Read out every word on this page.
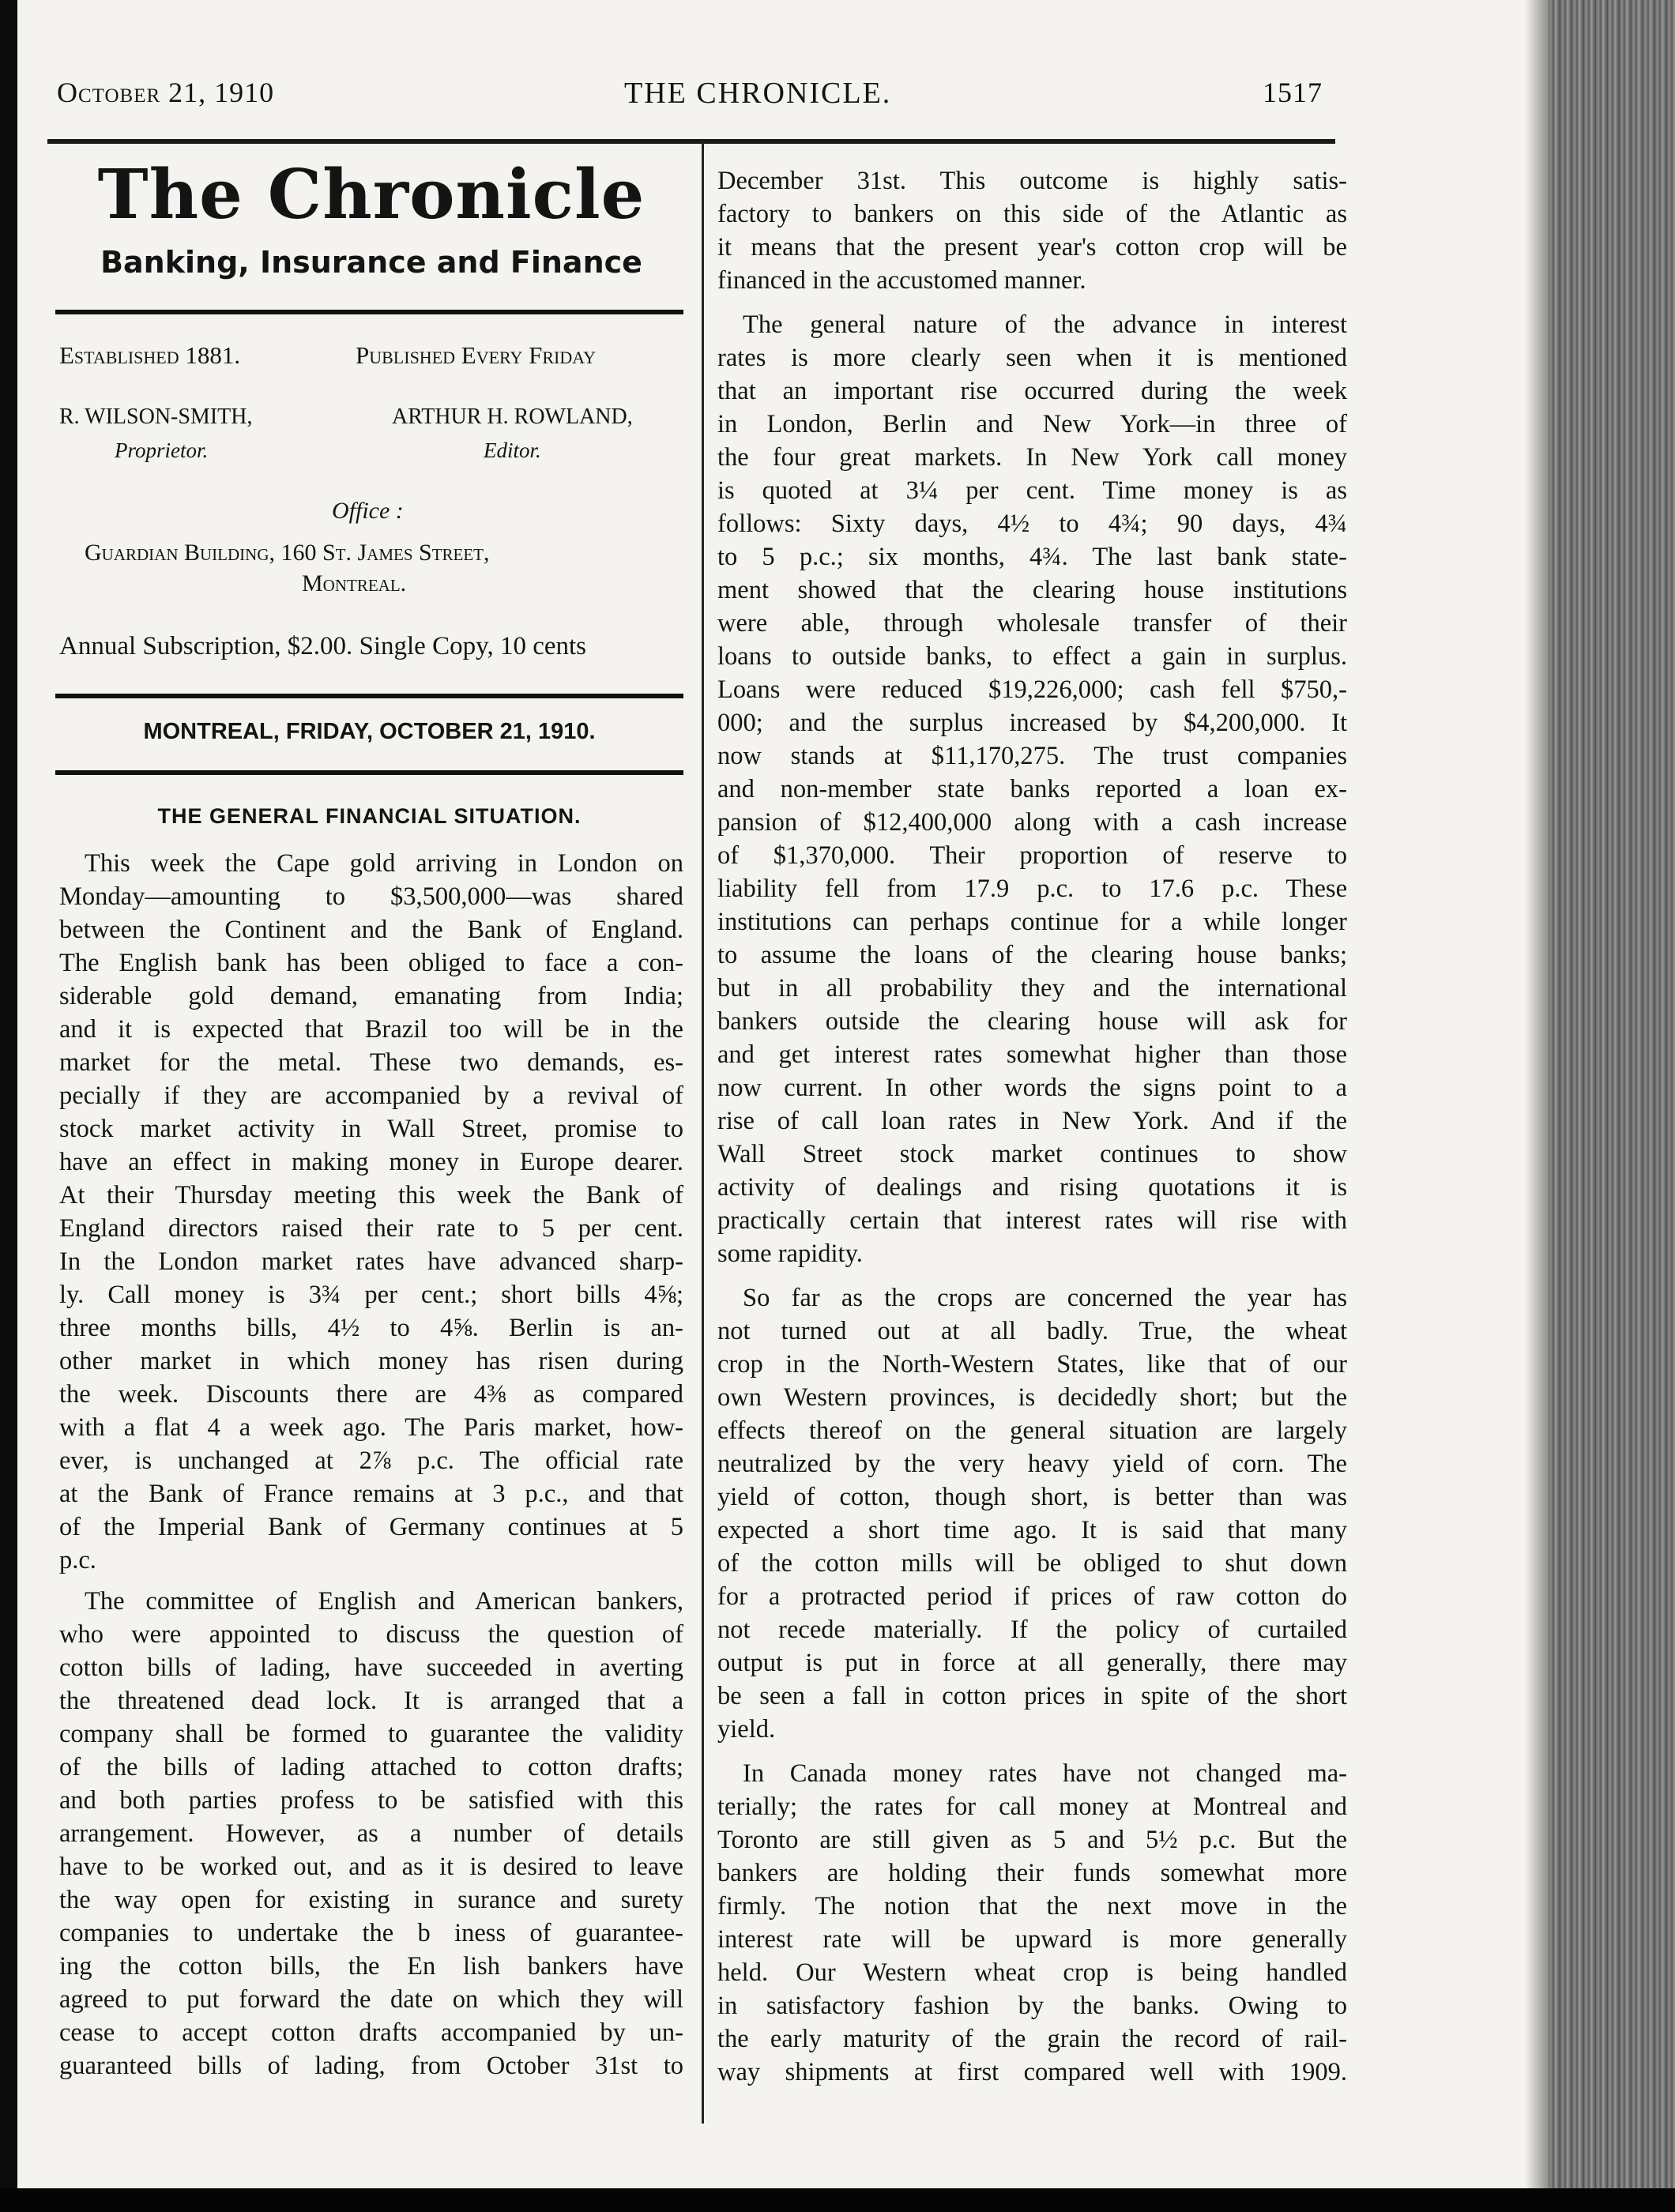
October 21, 1910	THE CHRONICLE.	1517
The Chronicle
Banking, Insurance and Finance
Established 1881.	Published Every Friday
R. WILSON-SMITH,
Proprietor.
ARTHUR H. ROWLAND,
Editor.
Office :
Guardian Building, 160 St. James Street,
Montreal.
Annual Subscription, $2.00. Single Copy, 10 cents
MONTREAL, FRIDAY, OCTOBER 21, 1910.
THE GENERAL FINANCIAL SITUATION.
This week the Cape gold arriving in London on
Monday—amounting to $3,500,000—was shared
between the Continent and the Bank of England.
The English bank has been obliged to face a con-
siderable gold demand, emanating from India;
and it is expected that Brazil too will be in the
market for the metal. These two demands, es-
pecially if they are accompanied by a revival of
stock market activity in Wall Street, promise to
have an effect in making money in Europe dearer.
At their Thursday meeting this week the Bank of
England directors raised their rate to 5 per cent.
In the London market rates have advanced sharp-
ly. Call money is 3¾ per cent.; short bills 4⅝;
three months bills, 4½ to 4⅝. Berlin is an-
other market in which money has risen during
the week. Discounts there are 4⅜ as compared
with a flat 4 a week ago. The Paris market, how-
ever, is unchanged at 2⅞ p.c. The official rate
at the Bank of France remains at 3 p.c., and that
of the Imperial Bank of Germany continues at 5
p.c.
The committee of English and American bankers,
who were appointed to discuss the question of
cotton bills of lading, have succeeded in averting
the threatened dead lock. It is arranged that a
company shall be formed to guarantee the validity
of the bills of lading attached to cotton drafts;
and both parties profess to be satisfied with this
arrangement. However, as a number of details
have to be worked out, and as it is desired to leave
the way open for existing in surance and surety
companies to undertake the b iness of guarantee-
ing the cotton bills, the En lish bankers have
agreed to put forward the date on which they will
cease to accept cotton drafts accompanied by un-
guaranteed bills of lading, from October 31st to
December 31st. This outcome is highly satis-
factory to bankers on this side of the Atlantic as
it means that the present year's cotton crop will be
financed in the accustomed manner.
The general nature of the advance in interest
rates is more clearly seen when it is mentioned
that an important rise occurred during the week
in London, Berlin and New York—in three of
the four great markets. In New York call money
is quoted at 3¼ per cent. Time money is as
follows: Sixty days, 4½ to 4¾; 90 days, 4¾
to 5 p.c.; six months, 4¾. The last bank state-
ment showed that the clearing house institutions
were able, through wholesale transfer of their
loans to outside banks, to effect a gain in surplus.
Loans were reduced $19,226,000; cash fell $750,-
000; and the surplus increased by $4,200,000. It
now stands at $11,170,275. The trust companies
and non-member state banks reported a loan ex-
pansion of $12,400,000 along with a cash increase
of $1,370,000. Their proportion of reserve to
liability fell from 17.9 p.c. to 17.6 p.c. These
institutions can perhaps continue for a while longer
to assume the loans of the clearing house banks;
but in all probability they and the international
bankers outside the clearing house will ask for
and get interest rates somewhat higher than those
now current. In other words the signs point to a
rise of call loan rates in New York. And if the
Wall Street stock market continues to show
activity of dealings and rising quotations it is
practically certain that interest rates will rise with
some rapidity.
So far as the crops are concerned the year has
not turned out at all badly. True, the wheat
crop in the North-Western States, like that of our
own Western provinces, is decidedly short; but the
effects thereof on the general situation are largely
neutralized by the very heavy yield of corn. The
yield of cotton, though short, is better than was
expected a short time ago. It is said that many
of the cotton mills will be obliged to shut down
for a protracted period if prices of raw cotton do
not recede materially. If the policy of curtailed
output is put in force at all generally, there may
be seen a fall in cotton prices in spite of the short
yield.
In Canada money rates have not changed ma-
terially; the rates for call money at Montreal and
Toronto are still given as 5 and 5½ p.c. But the
bankers are holding their funds somewhat more
firmly. The notion that the next move in the
interest rate will be upward is more generally
held. Our Western wheat crop is being handled
in satisfactory fashion by the banks. Owing to
the early maturity of the grain the record of rail-
way shipments at first compared well with 1909.
